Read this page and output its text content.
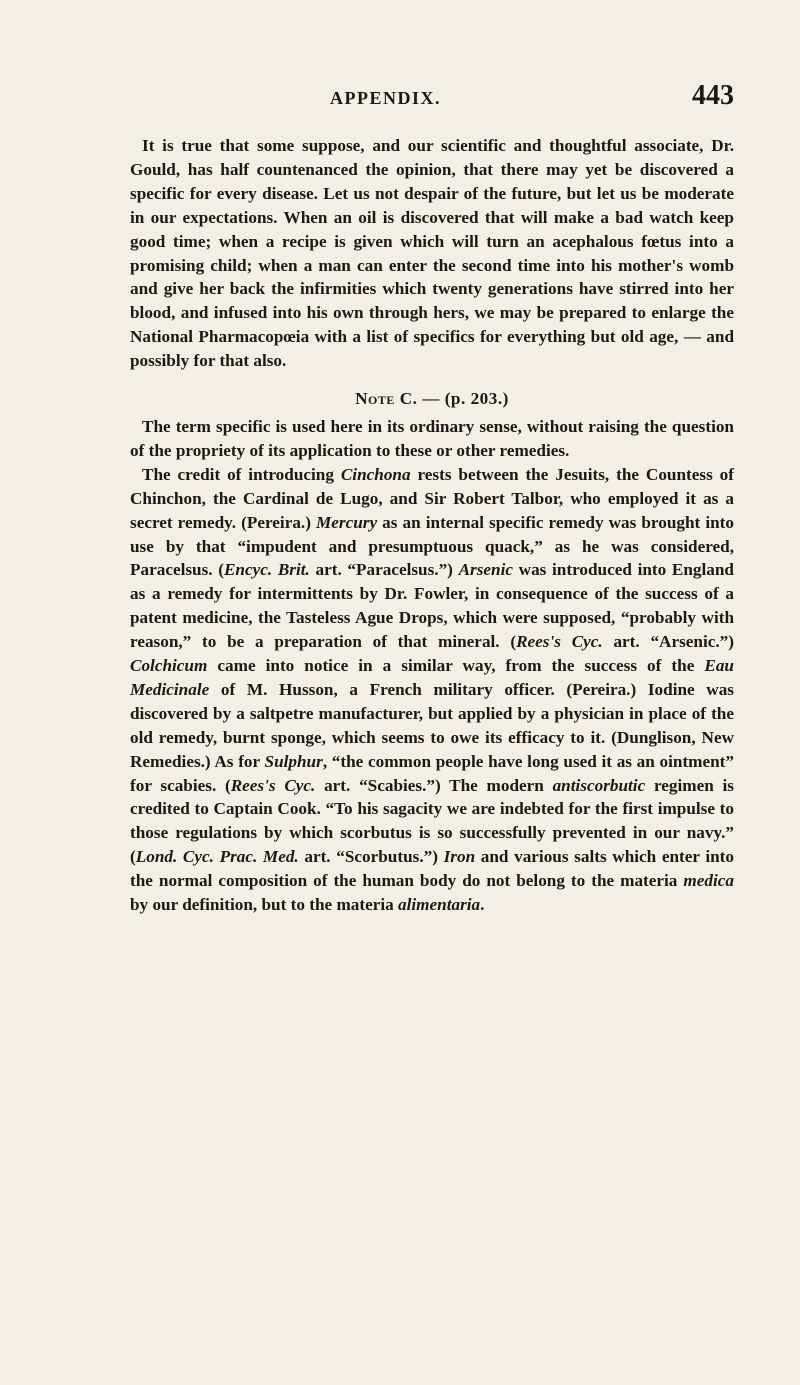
APPENDIX.	443

It is true that some suppose, and our scientific and thoughtful associate, Dr. Gould, has half countenanced the opinion, that there may yet be discovered a specific for every disease. Let us not despair of the future, but let us be moderate in our expectations. When an oil is discovered that will make a bad watch keep good time; when a recipe is given which will turn an acephalous fœtus into a promising child; when a man can enter the second time into his mother's womb and give her back the infirmities which twenty generations have stirred into her blood, and infused into his own through hers, we may be prepared to enlarge the National Pharmacopœia with a list of specifics for everything but old age, — and possibly for that also.

Note C. — (p. 203.)

The term specific is used here in its ordinary sense, without raising the question of the propriety of its application to these or other remedies.

The credit of introducing Cinchona rests between the Jesuits, the Countess of Chinchon, the Cardinal de Lugo, and Sir Robert Talbor, who employed it as a secret remedy. (Pereira.) Mercury as an internal specific remedy was brought into use by that “impudent and presumptuous quack,” as he was considered, Paracelsus. (Encyc. Brit. art. “Paracelsus.”) Arsenic was introduced into England as a remedy for intermittents by Dr. Fowler, in consequence of the success of a patent medicine, the Tasteless Ague Drops, which were supposed, “probably with reason,” to be a preparation of that mineral. (Rees's Cyc. art. “Arsenic.”) Colchicum came into notice in a similar way, from the success of the Eau Medicinale of M. Husson, a French military officer. (Pereira.) Iodine was discovered by a saltpetre manufacturer, but applied by a physician in place of the old remedy, burnt sponge, which seems to owe its efficacy to it. (Dunglison, New Remedies.) As for Sulphur, “the common people have long used it as an ointment” for scabies. (Rees's Cyc. art. “Scabies.”) The modern antiscorbutic regimen is credited to Captain Cook. “To his sagacity we are indebted for the first impulse to those regulations by which scorbutus is so successfully prevented in our navy.” (Lond. Cyc. Prac. Med. art. “Scorbutus.”) Iron and various salts which enter into the normal composition of the human body do not belong to the materia medica by our definition, but to the materia alimentaria.
